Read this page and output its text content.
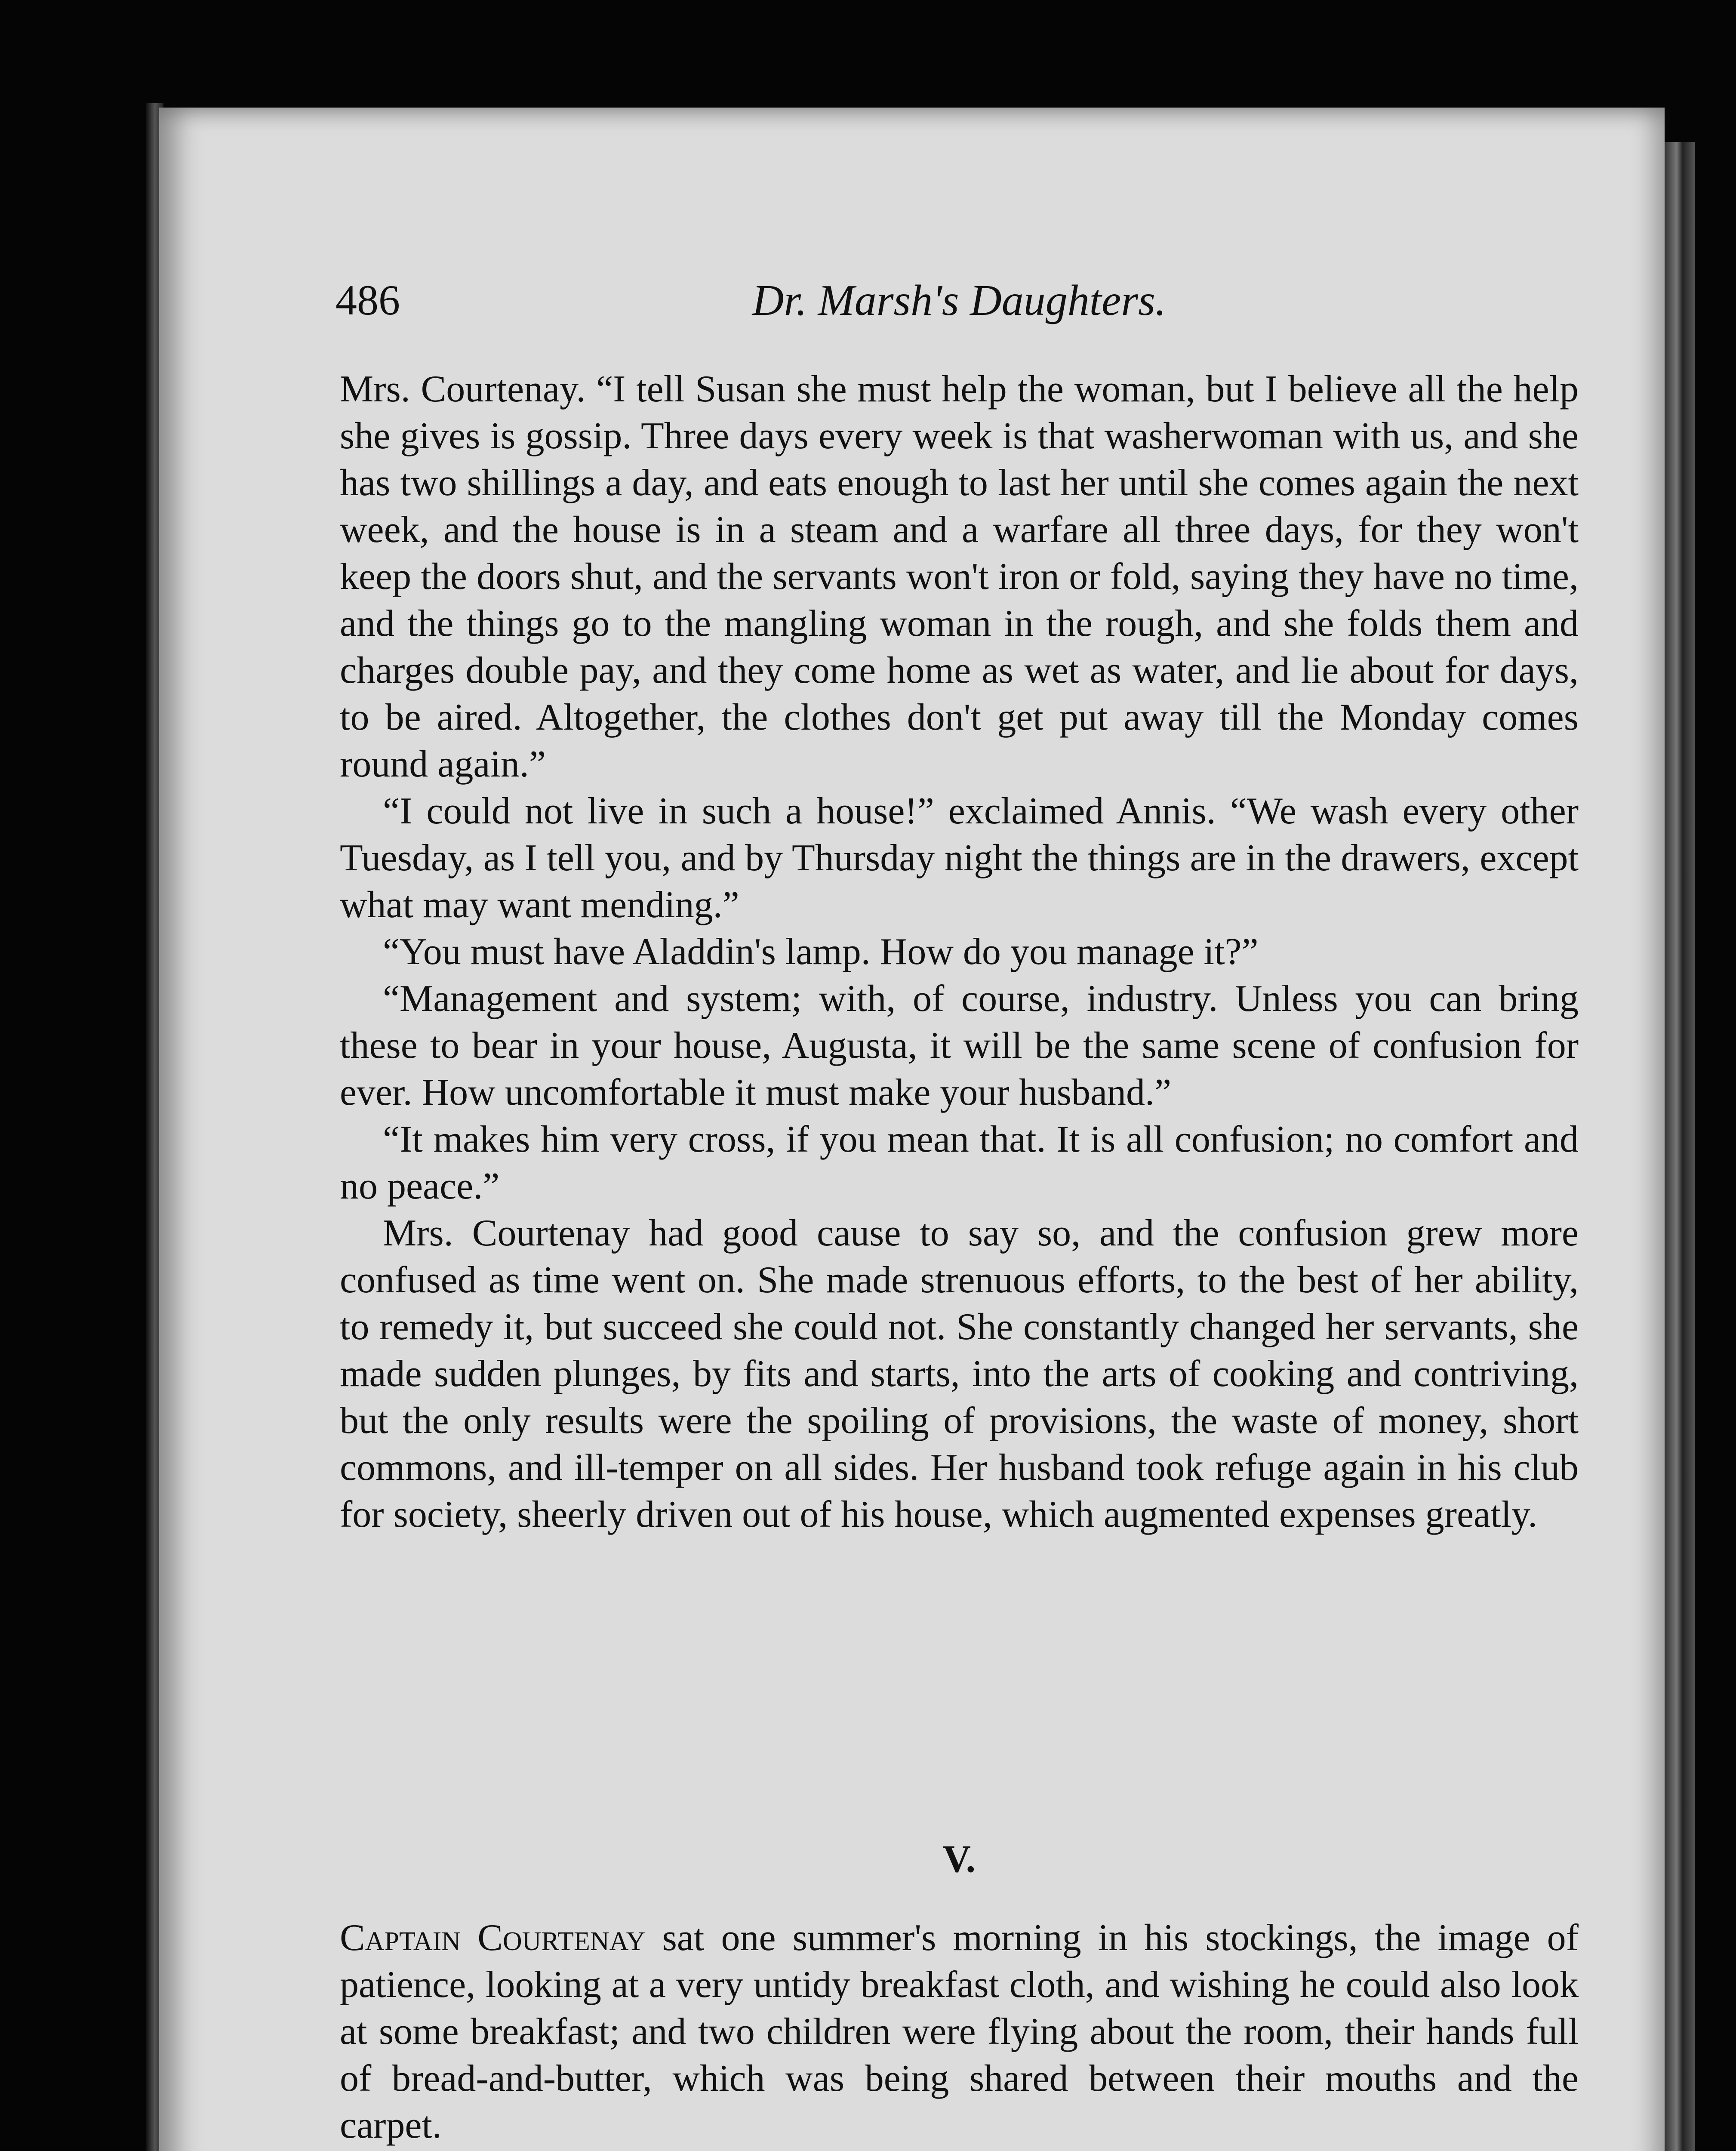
486	Dr. Marsh's Daughters.

Mrs. Courtenay. “I tell Susan she must help the woman, but I believe all the help she gives is gossip. Three days every week is that washerwoman with us, and she has two shillings a day, and eats enough to last her until she comes again the next week, and the house is in a steam and a warfare all three days, for they won't keep the doors shut, and the servants won't iron or fold, saying they have no time, and the things go to the mangling woman in the rough, and she folds them and charges double pay, and they come home as wet as water, and lie about for days, to be aired. Altogether, the clothes don't get put away till the Monday comes round again.”

“I could not live in such a house!” exclaimed Annis. “We wash every other Tuesday, as I tell you, and by Thursday night the things are in the drawers, except what may want mending.”

“You must have Aladdin's lamp. How do you manage it?”

“Management and system; with, of course, industry. Unless you can bring these to bear in your house, Augusta, it will be the same scene of confusion for ever. How uncomfortable it must make your husband.”

“It makes him very cross, if you mean that. It is all confusion; no comfort and no peace.”

Mrs. Courtenay had good cause to say so, and the confusion grew more confused as time went on. She made strenuous efforts, to the best of her ability, to remedy it, but succeed she could not. She constantly changed her servants, she made sudden plunges, by fits and starts, into the arts of cooking and contriving, but the only results were the spoiling of provisions, the waste of money, short commons, and ill-temper on all sides. Her husband took refuge again in his club for society, sheerly driven out of his house, which augmented expenses greatly.

V.

Captain Courtenay sat one summer's morning in his stockings, the image of patience, looking at a very untidy breakfast cloth, and wishing he could also look at some breakfast; and two children were flying about the room, their hands full of bread-and-butter, which was being shared between their mouths and the carpet.
